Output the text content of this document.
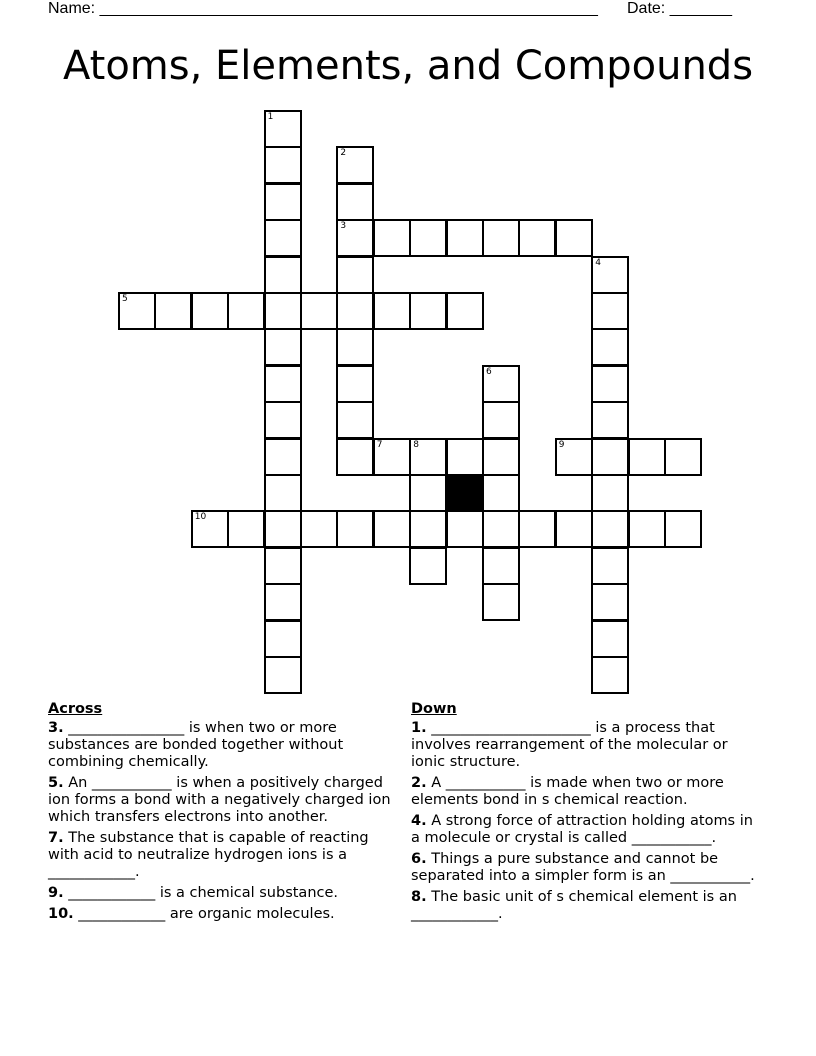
Name: ________________________________________________________ Date: _______
Atoms, Elements, and Compounds
1
2
3
4
5
6
7	8	9
10
Across
3. ________________ is when two or more substances are bonded together without combining chemically.
5. An ___________ is when a positively charged ion forms a bond with a negatively charged ion which transfers electrons into another.
7. The substance that is capable of reacting with acid to neutralize hydrogen ions is a ____________.
9. ____________ is a chemical substance.
10. ____________ are organic molecules.
Down
1. ______________________ is a process that involves rearrangement of the molecular or ionic structure.
2. A ___________ is made when two or more elements bond in s chemical reaction.
4. A strong force of attraction holding atoms in a molecule or crystal is called ___________.
6. Things a pure substance and cannot be separated into a simpler form is an ___________.
8. The basic unit of s chemical element is an ____________.
